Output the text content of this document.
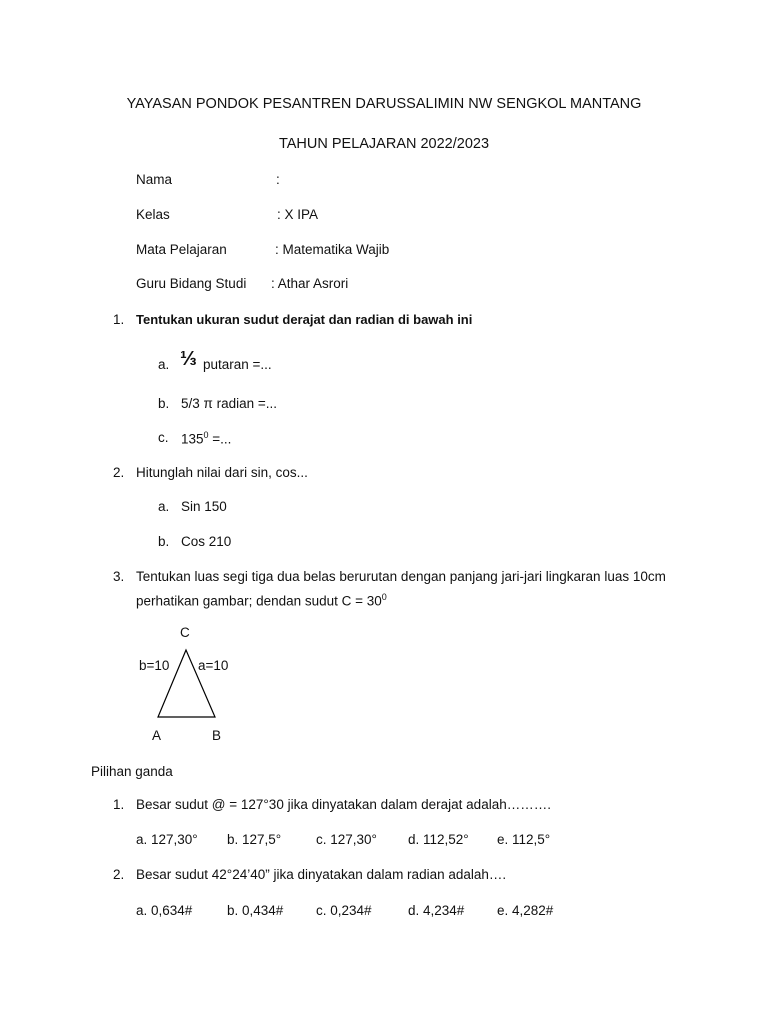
YAYASAN PONDOK PESANTREN DARUSSALIMIN NW SENGKOL MANTANG
TAHUN PELAJARAN 2022/2023
Nama	:
Kelas	: X IPA
Mata Pelajaran	: Matematika Wajib
Guru Bidang Studi : Athar Asrori
1. Tentukan ukuran sudut derajat dan radian di bawah ini
a. ⅓ putaran =...
b. 5/3 π radian =...
c. $135^0$ =...
2. Hitunglah nilai dari sin, cos...
a. Sin 150
b. Cos 210
3. Tentukan luas segi tiga dua belas berurutan dengan panjang jari-jari lingkaran luas 10cm
perhatikan gambar; dendan sudut $C = 30^0$
C
b=10 a=10
A	B
Pilihan ganda
1. Besar sudut @ = 127°30 jika dinyatakan dalam derajat adalah……….
a. 127,30° b. 127,5°	c. 127,30° d. 112,52° e. 112,5°
2. Besar sudut 42°24’40” jika dinyatakan dalam radian adalah….
a. 0,634#	b. 0,434# c. 0,234#	d. 4,234# e. 4,282#
